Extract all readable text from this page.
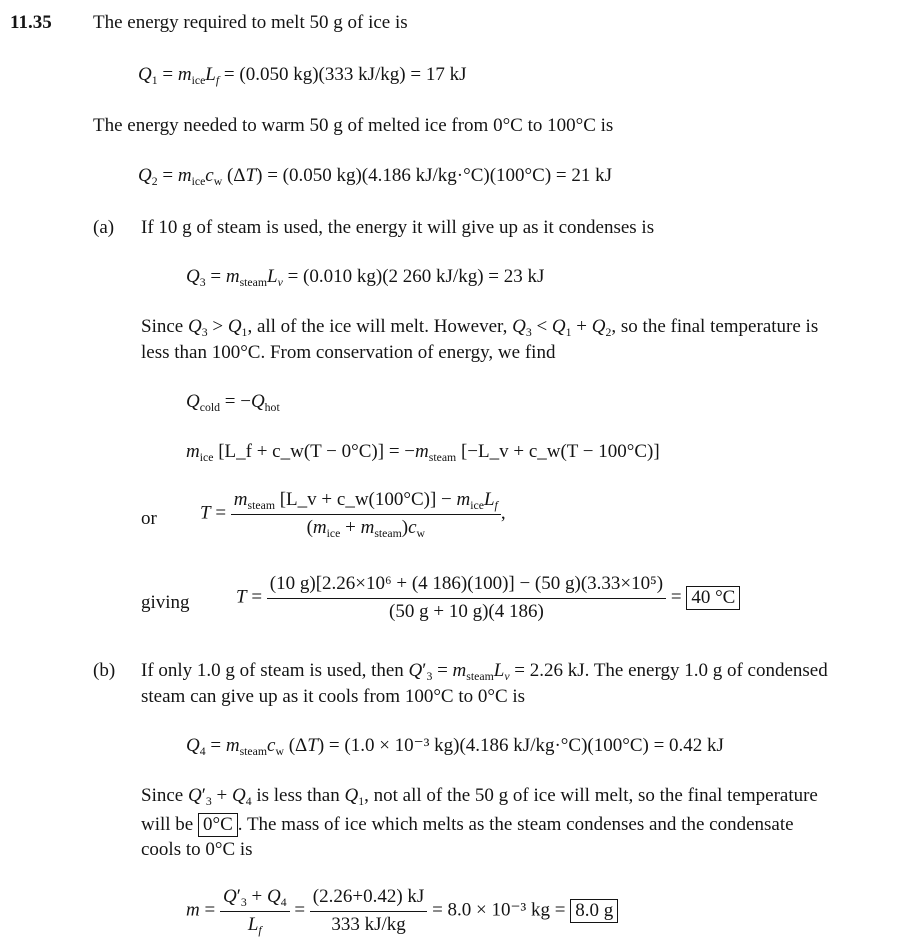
11.35 The energy required to melt 50 g of ice is
$Q_1 = m_{ice}L_f = (0.050$ kg)(333 kJ/kg) = 17 kJ
The energy needed to warm 50 g of melted ice from 0°C to 100°C is
$Q_2 = m_{ice}c_w$ (ΔT) = (0.050 kg)(4.186 kJ/kg·°C)(100°C) = 21 kJ
(a) If 10 g of steam is used, the energy it will give up as it condenses is
$Q_3 = m_{steam}L_v = (0.010$ kg)(2 260 kJ/kg) = 23 kJ
Since $Q_3 > Q_1$, all of the ice will melt. However, $Q_3 < Q_1 + Q_2$, so the final temperature is
less than 100°C. From conservation of energy, we find
$Q_{cold} = -Q_{hot}$
$m_{ice}$ [L_f + c_w(T − $0^\circ C)] = -m_{steam}$ [−L_v + c_w(T − 100°C)]
or $T = \frac{m_{steam} [L\_v + c\_w(100^\circ C)] - m_{ice}L_f}{(m_{ice} + m_{steam})c_w}$ ,
giving $T = \frac{\text{(10 g)[2.26×10⁶ + (4 186)(100)] − (50 g)(3.33×10⁵)}}{(50 g + 10 g)(4 186)} = 40$ °C
(b) If only 1.0 g of steam is used, then $Q'_3 = m_{steam}L_v = 2.26$ kJ. The energy 1.0 g of condensed
steam can give up as it cools from 100°C to 0°C is
$Q_4 = m_{steam}c_w$ (ΔT) = (1.0 × 10⁻³ kg)(4.186 kJ/kg·°C)(100°C) = 0.42 kJ
Since $Q'_3 + Q_4$ is less than $Q_1$, not all of the 50 g of ice will melt, so the final temperature
will be 0°C . The mass of ice which melts as the steam condenses and the condensate
cools to 0°C is
$m = \frac{Q'_3 + Q_4}{L_f} = \frac{(2.26+0.42) kJ}{333 kJ/kg} = 8.0 \times 10^{-3}$ kg = 8.0 g
